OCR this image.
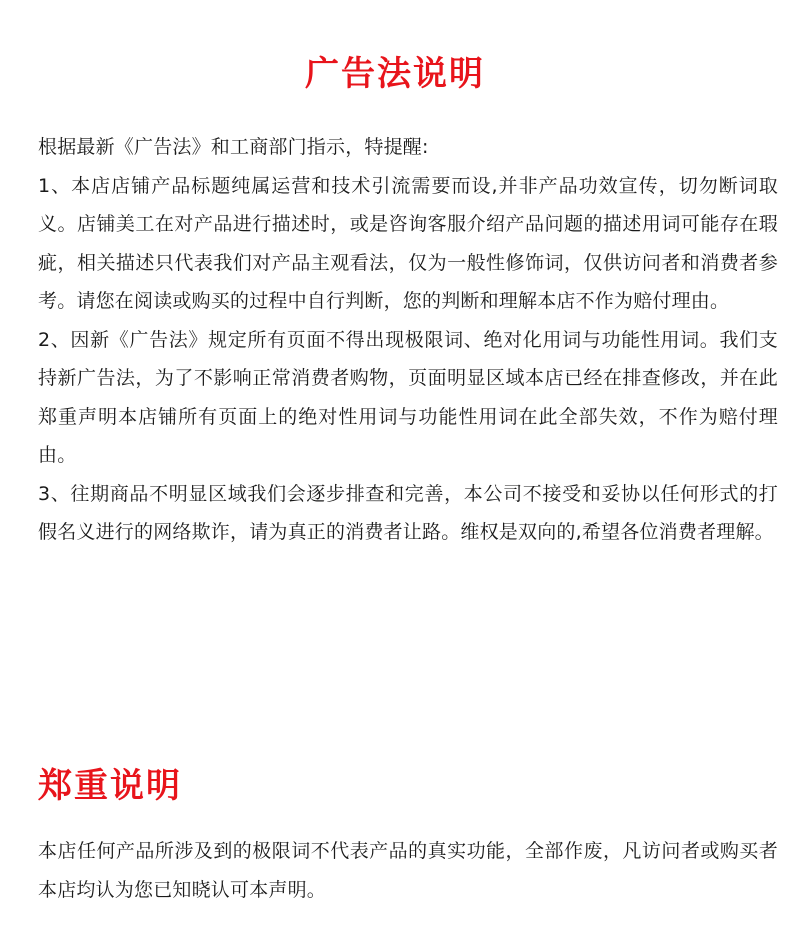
广告法说明

根据最新《广告法》和工商部门指示，特提醒:

1、本店店铺产品标题纯属运营和技术引流需要而设,并非产品功效宣传，切勿断词取义。店铺美工在对产品进行描述时，或是咨询客服介绍产品问题的描述用词可能存在瑕疵，相关描述只代表我们对产品主观看法，仅为一般性修饰词，仅供访问者和消费者参考。请您在阅读或购买的过程中自行判断，您的判断和理解本店不作为赔付理由。

2、因新《广告法》规定所有页面不得出现极限词、绝对化用词与功能性用词。我们支持新广告法，为了不影响正常消费者购物，页面明显区域本店已经在排查修改，并在此郑重声明本店铺所有页面上的绝对性用词与功能性用词在此全部失效，不作为赔付理由。

3、往期商品不明显区域我们会逐步排查和完善，本公司不接受和妥协以任何形式的打假名义进行的网络欺诈，请为真正的消费者让路。维权是双向的,希望各位消费者理解。

郑重说明

本店任何产品所涉及到的极限词不代表产品的真实功能，全部作废，凡访问者或购买者本店均认为您已知晓认可本声明。
